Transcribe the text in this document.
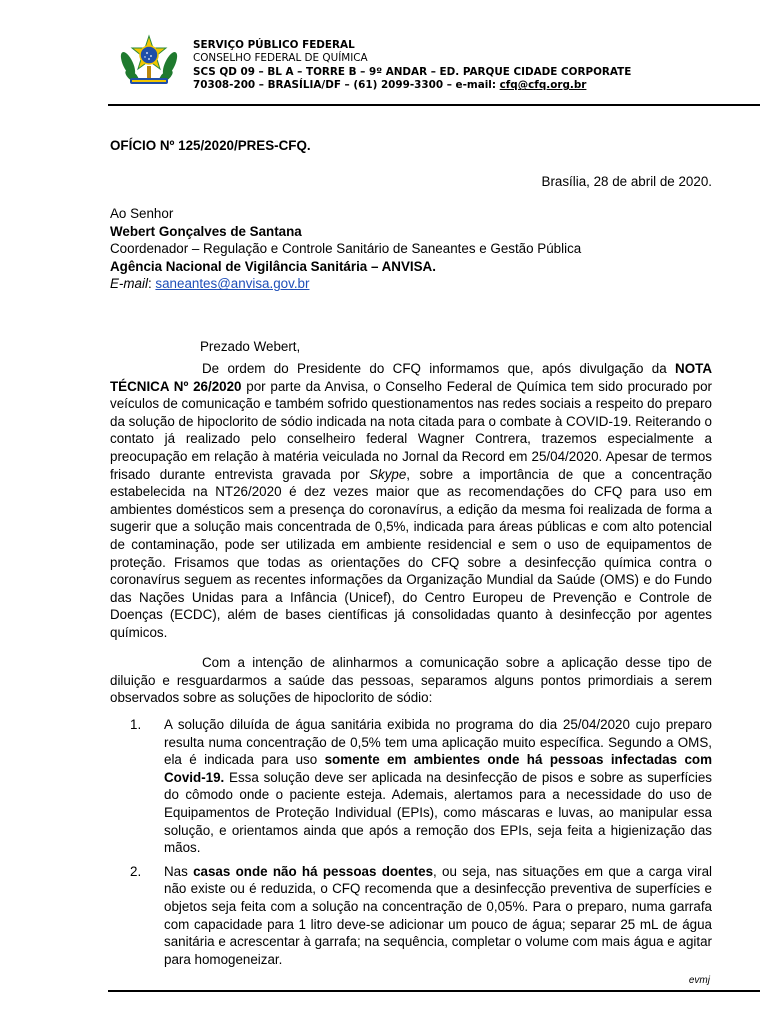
SERVIÇO PÚBLICO FEDERAL
CONSELHO FEDERAL DE QUÍMICA
SCS QD 09 – BL A – TORRE B – 9º ANDAR – ED. PARQUE CIDADE CORPORATE
70308-200 – BRASÍLIA/DF – (61) 2099-3300 – e-mail: cfq@cfq.org.br
OFÍCIO Nº 125/2020/PRES-CFQ.
Brasília, 28 de abril de 2020.
Ao Senhor
Webert Gonçalves de Santana
Coordenador – Regulação e Controle Sanitário de Saneantes e Gestão Pública
Agência Nacional de Vigilância Sanitária – ANVISA.
E-mail: saneantes@anvisa.gov.br
Prezado Webert,

De ordem do Presidente do CFQ informamos que, após divulgação da NOTA TÉCNICA Nº 26/2020 por parte da Anvisa, o Conselho Federal de Química tem sido procurado por veículos de comunicação e também sofrido questionamentos nas redes sociais a respeito do preparo da solução de hipoclorito de sódio indicada na nota citada para o combate à COVID-19. Reiterando o contato já realizado pelo conselheiro federal Wagner Contrera, trazemos especialmente a preocupação em relação à matéria veiculada no Jornal da Record em 25/04/2020. Apesar de termos frisado durante entrevista gravada por Skype, sobre a importância de que a concentração estabelecida na NT26/2020 é dez vezes maior que as recomendações do CFQ para uso em ambientes domésticos sem a presença do coronavírus, a edição da mesma foi realizada de forma a sugerir que a solução mais concentrada de 0,5%, indicada para áreas públicas e com alto potencial de contaminação, pode ser utilizada em ambiente residencial e sem o uso de equipamentos de proteção. Frisamos que todas as orientações do CFQ sobre a desinfecção química contra o coronavírus seguem as recentes informações da Organização Mundial da Saúde (OMS) e do Fundo das Nações Unidas para a Infância (Unicef), do Centro Europeu de Prevenção e Controle de Doenças (ECDC), além de bases científicas já consolidadas quanto à desinfecção por agentes químicos.

Com a intenção de alinharmos a comunicação sobre a aplicação desse tipo de diluição e resguardarmos a saúde das pessoas, separamos alguns pontos primordiais a serem observados sobre as soluções de hipoclorito de sódio:

1. A solução diluída de água sanitária exibida no programa do dia 25/04/2020 cujo preparo resulta numa concentração de 0,5% tem uma aplicação muito específica. Segundo a OMS, ela é indicada para uso somente em ambientes onde há pessoas infectadas com Covid-19. Essa solução deve ser aplicada na desinfecção de pisos e sobre as superfícies do cômodo onde o paciente esteja. Ademais, alertamos para a necessidade do uso de Equipamentos de Proteção Individual (EPIs), como máscaras e luvas, ao manipular essa solução, e orientamos ainda que após a remoção dos EPIs, seja feita a higienização das mãos.
2. Nas casas onde não há pessoas doentes, ou seja, nas situações em que a carga viral não existe ou é reduzida, o CFQ recomenda que a desinfecção preventiva de superfícies e objetos seja feita com a solução na concentração de 0,05%. Para o preparo, numa garrafa com capacidade para 1 litro deve-se adicionar um pouco de água; separar 25 mL de água sanitária e acrescentar à garrafa; na sequência, completar o volume com mais água e agitar para homogeneizar.
evmj
